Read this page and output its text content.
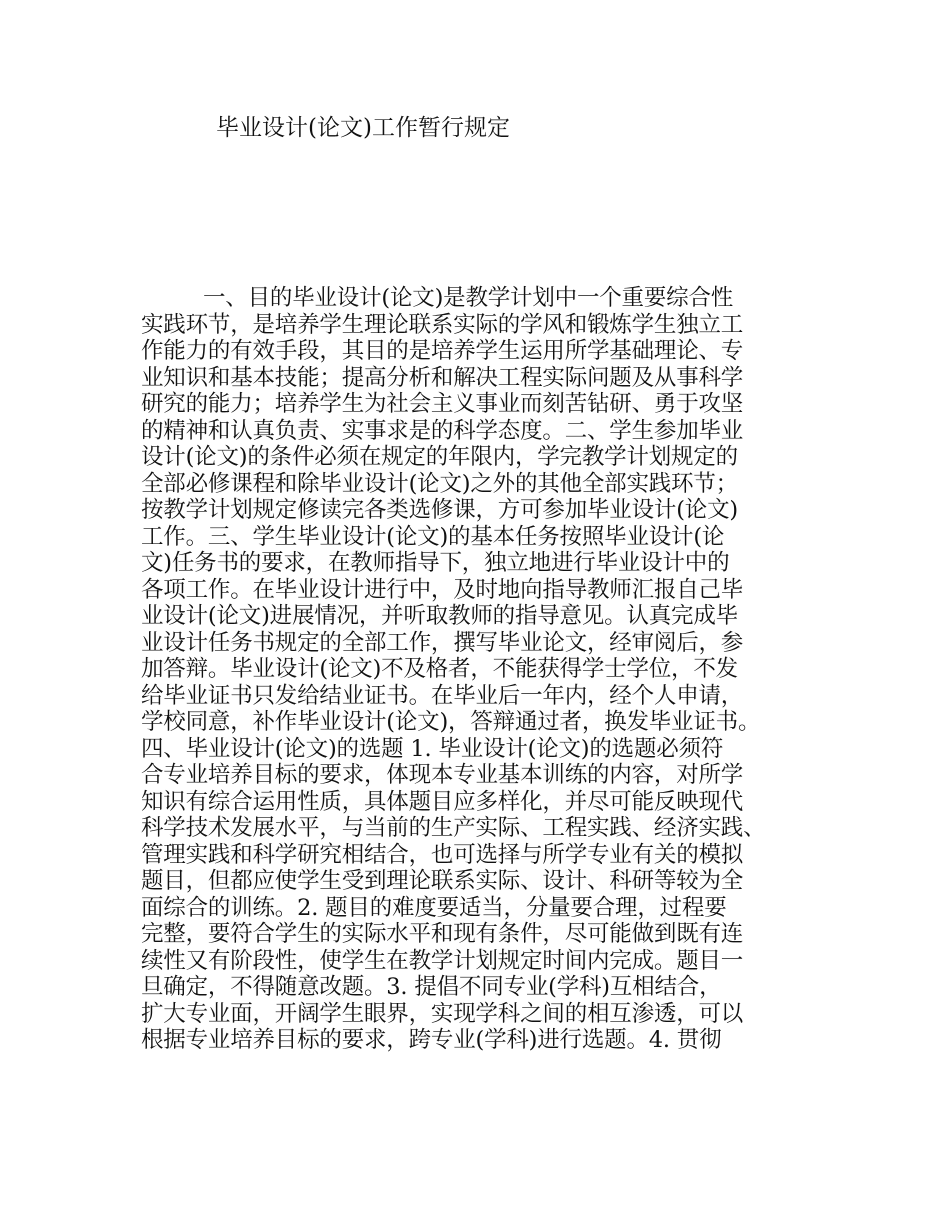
毕业设计(论文)工作暂行规定
一、目的毕业设计(论文)是教学计划中一个重要综合性
实践环节，是培养学生理论联系实际的学风和锻炼学生独立工
作能力的有效手段，其目的是培养学生运用所学基础理论、专
业知识和基本技能；提高分析和解决工程实际问题及从事科学
研究的能力；培养学生为社会主义事业而刻苦钻研、勇于攻坚
的精神和认真负责、实事求是的科学态度。二、学生参加毕业
设计(论文)的条件必须在规定的年限内，学完教学计划规定的
全部必修课程和除毕业设计(论文)之外的其他全部实践环节；
按教学计划规定修读完各类选修课，方可参加毕业设计(论文)
工作。三、学生毕业设计(论文)的基本任务按照毕业设计(论
文)任务书的要求，在教师指导下，独立地进行毕业设计中的
各项工作。在毕业设计进行中，及时地向指导教师汇报自己毕
业设计(论文)进展情况，并听取教师的指导意见。认真完成毕
业设计任务书规定的全部工作，撰写毕业论文，经审阅后，参
加答辩。毕业设计(论文)不及格者，不能获得学士学位，不发
给毕业证书只发给结业证书。在毕业后一年内，经个人申请，
学校同意，补作毕业设计(论文)，答辩通过者，换发毕业证书。
四、毕业设计(论文)的选题 1. 毕业设计(论文)的选题必须符
合专业培养目标的要求，体现本专业基本训练的内容，对所学
知识有综合运用性质，具体题目应多样化，并尽可能反映现代
科学技术发展水平，与当前的生产实际、工程实践、经济实践、
管理实践和科学研究相结合，也可选择与所学专业有关的模拟
题目，但都应使学生受到理论联系实际、设计、科研等较为全
面综合的训练。2. 题目的难度要适当，分量要合理，过程要
完整，要符合学生的实际水平和现有条件，尽可能做到既有连
续性又有阶段性，使学生在教学计划规定时间内完成。题目一
旦确定，不得随意改题。3. 提倡不同专业(学科)互相结合，
扩大专业面，开阔学生眼界，实现学科之间的相互渗透，可以
根据专业培养目标的要求，跨专业(学科)进行选题。4. 贯彻
